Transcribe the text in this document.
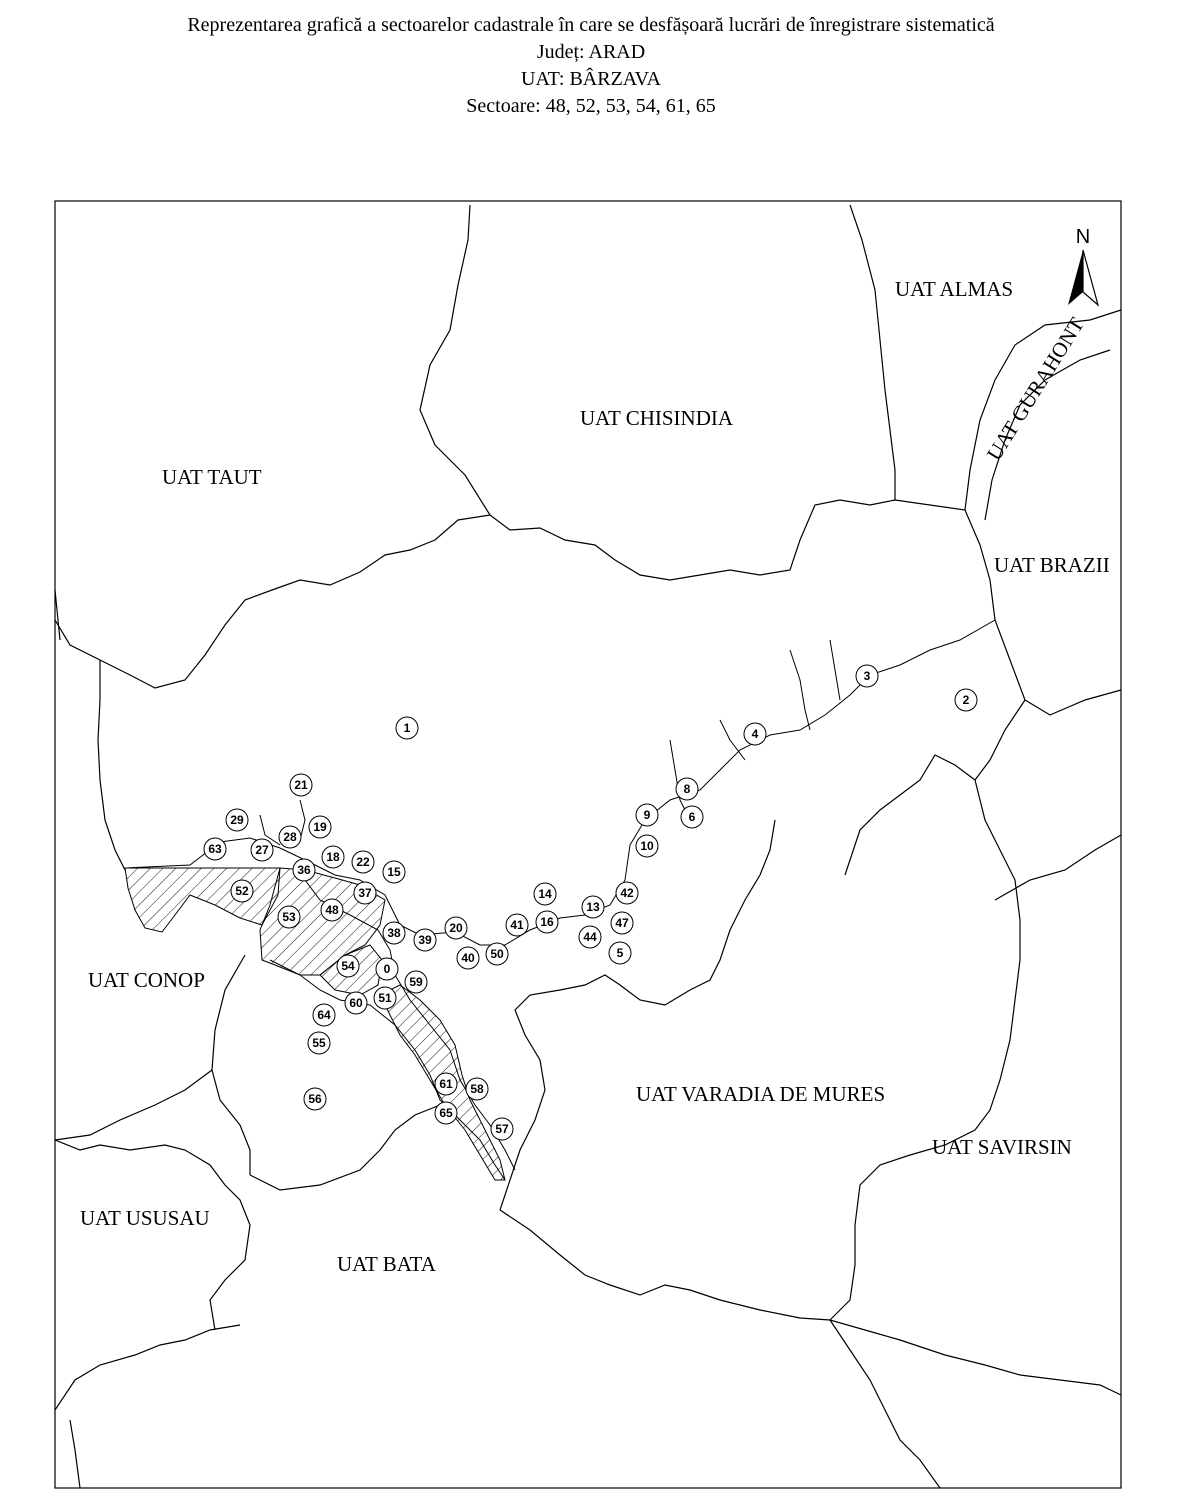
Reprezentarea grafică a sectoarelor cadastrale în care se desfășoară lucrări de înregistrare sistematică
Județ: ARAD
UAT: BÂRZAVA
Sectoare: 48, 52, 53, 54, 61, 65
N
UAT ALMAS
UAT GURAHONT
UAT CHISINDIA
UAT TAUT
UAT BRAZII
UAT CONOP
UAT VARADIA DE MURES
UAT SAVIRSIN
UAT USUSAU
UAT BATA
1
2
3
4
5
6
8
9
10
13
14
15
16
18
19
20
21
22
27
28
29
36
37
38 39
40
41
42
44
47
48
50
51
52
53
54
55
56
57
58
59
60
61
63
64
65
0
